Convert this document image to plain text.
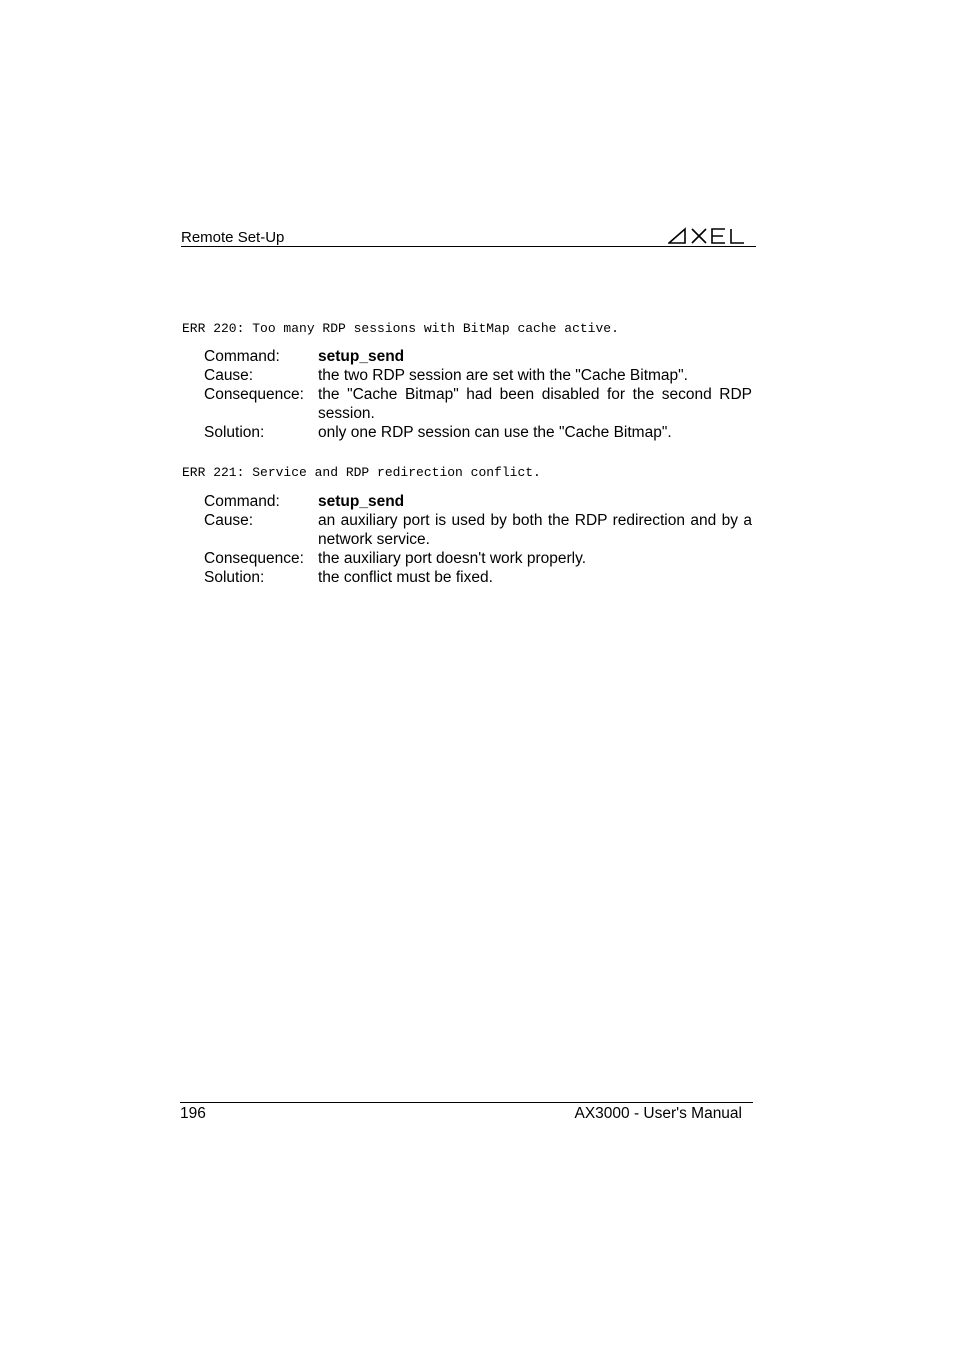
Remote Set-Up
ERR 220: Too many RDP sessions with BitMap cache active.
Command: setup_send
Cause:	the two RDP session are set with the "Cache Bitmap".
Consequence: the "Cache Bitmap" had been disabled for the second RDP session.
Solution:	only one RDP session can use the "Cache Bitmap".
ERR 221: Service and RDP redirection conflict.
Command: setup_send
Cause:	an auxiliary port is used by both the RDP redirection and by a network service.
Consequence: the auxiliary port doesn't work properly.
Solution:	the conflict must be fixed.
196	AX3000 - User's Manual
